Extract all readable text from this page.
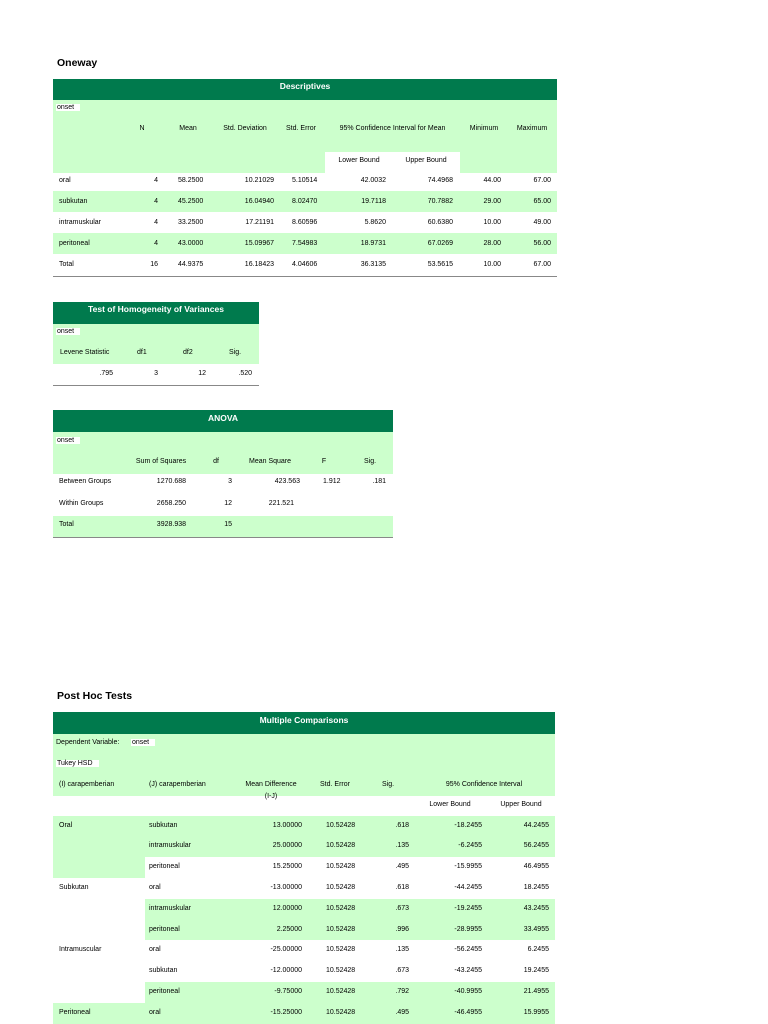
Oneway
Descriptives
onset
N	Mean	Std. Deviation	Std. Error	95% Confidence Interval for Mean	Minimum	Maximum
Lower Bound	Upper Bound
oral	4	58.2500	10.21029	5.10514	42.0032	74.4968	44.00	67.00
subkutan	4	45.2500	16.04940	8.02470	19.7118	70.7882	29.00	65.00
intramuskular	4	33.2500	17.21191	8.60596	5.8620	60.6380	10.00	49.00
peritoneal	4	43.0000	15.09967	7.54983	18.9731	67.0269	28.00	56.00
Total	16	44.9375	16.18423	4.04606	36.3135	53.5615	10.00	67.00
Test of Homogeneity of Variances
onset
Levene Statistic	df1	df2	Sig.
.795	3	12	.520
ANOVA
onset
Sum of Squares	df	Mean Square	F	Sig.
Between Groups	1270.688	3	423.563	1.912	.181
Within Groups	2658.250	12	221.521
Total	3928.938	15
Post Hoc Tests
Multiple Comparisons
Dependent Variable: onset
Tukey HSD
(I) carapemberian	(J) carapemberian	Mean Difference
(I-J)
Std. Error	Sig.	95% Confidence Interval
Lower Bound	Upper Bound
Oral	subkutan	13.00000	10.52428	.618	-18.2455	44.2455
intramuskular	25.00000	10.52428	.135	-6.2455	56.2455
peritoneal	15.25000	10.52428	.495	-15.9955	46.4955
Subkutan	oral	-13.00000	10.52428	.618	-44.2455	18.2455
intramuskular	12.00000	10.52428	.673	-19.2455	43.2455
peritoneal	2.25000	10.52428	.996	-28.9955	33.4955
Intramuscular	oral	-25.00000	10.52428	.135	-56.2455	6.2455
subkutan	-12.00000	10.52428	.673	-43.2455	19.2455
peritoneal	-9.75000	10.52428	.792	-40.9955	21.4955
Peritoneal	oral	-15.25000	10.52428	.495	-46.4955	15.9955
